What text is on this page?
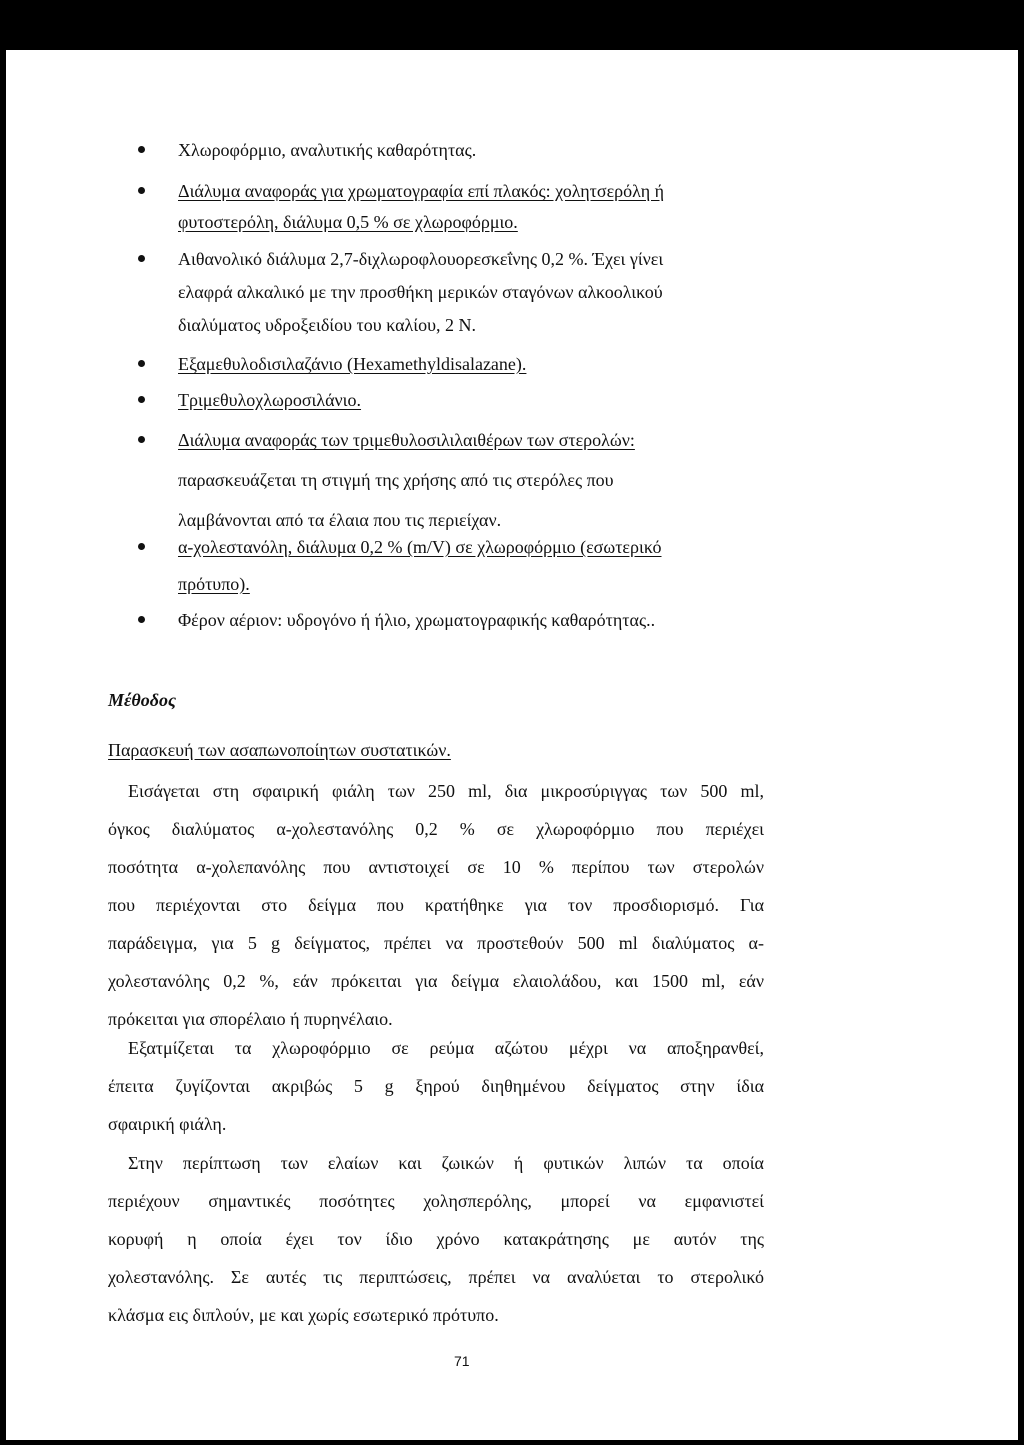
Χλωροφόρμιο, αναλυτικής καθαρότητας.
Διάλυμα αναφοράς για χρωματογραφία επί πλακός: χολητσερόλη ή
φυτοστερόλη, διάλυμα 0,5 % σε χλωροφόρμιο.
Αιθανολικό διάλυμα 2,7-διχλωροφλουορεσκεΐνης 0,2 %. Έχει γίνει
ελαφρά αλκαλικό με την προσθήκη μερικών σταγόνων αλκοολικού
διαλύματος υδροξειδίου του καλίου, 2 Ν.
Εξαμεθυλοδισιλαζάνιο (Hexamethyldisalazane).
Τριμεθυλοχλωροσιλάνιο.
Διάλυμα αναφοράς των τριμεθυλοσιλιλαιθέρων των στερολών:
παρασκευάζεται τη στιγμή της χρήσης από τις στερόλες που
λαμβάνονται από τα έλαια που τις περιείχαν.
α-χολεστανόλη, διάλυμα 0,2 % (m/V) σε χλωροφόρμιο (εσωτερικό
πρότυπο).
Φέρον αέριον: υδρογόνο ή ήλιο, χρωματογραφικής καθαρότητας..
Μέθοδος
Παρασκευή των ασαπωνοποίητων συστατικών.
Εισάγεται στη σφαιρική φιάλη των 250 ml, δια μικροσύριγγας των 500 ml,
όγκος διαλύματος α-χολεστανόλης 0,2 % σε χλωροφόρμιο που περιέχει
ποσότητα α-χολεπανόλης που αντιστοιχεί σε 10 % περίπου των στερολών
που περιέχονται στο δείγμα που κρατήθηκε για τον προσδιορισμό. Για
παράδειγμα, για 5 g δείγματος, πρέπει να προστεθούν 500 ml διαλύματος α-
χολεστανόλης 0,2 %, εάν πρόκειται για δείγμα ελαιολάδου, και 1500 ml, εάν
πρόκειται για σπορέλαιο ή πυρηνέλαιο.
Εξατμίζεται τα χλωροφόρμιο σε ρεύμα αζώτου μέχρι να αποξηρανθεί,
έπειτα ζυγίζονται ακριβώς 5 g ξηρού διηθημένου δείγματος στην ίδια
σφαιρική φιάλη.
Στην περίπτωση των ελαίων και ζωικών ή φυτικών λιπών τα οποία
περιέχουν σημαντικές ποσότητες χολησπερόλης, μπορεί να εμφανιστεί
κορυφή η οποία έχει τον ίδιο χρόνο κατακράτησης με αυτόν της
χολεστανόλης. Σε αυτές τις περιπτώσεις, πρέπει να αναλύεται το στερολικό
κλάσμα εις διπλούν, με και χωρίς εσωτερικό πρότυπο.
71
